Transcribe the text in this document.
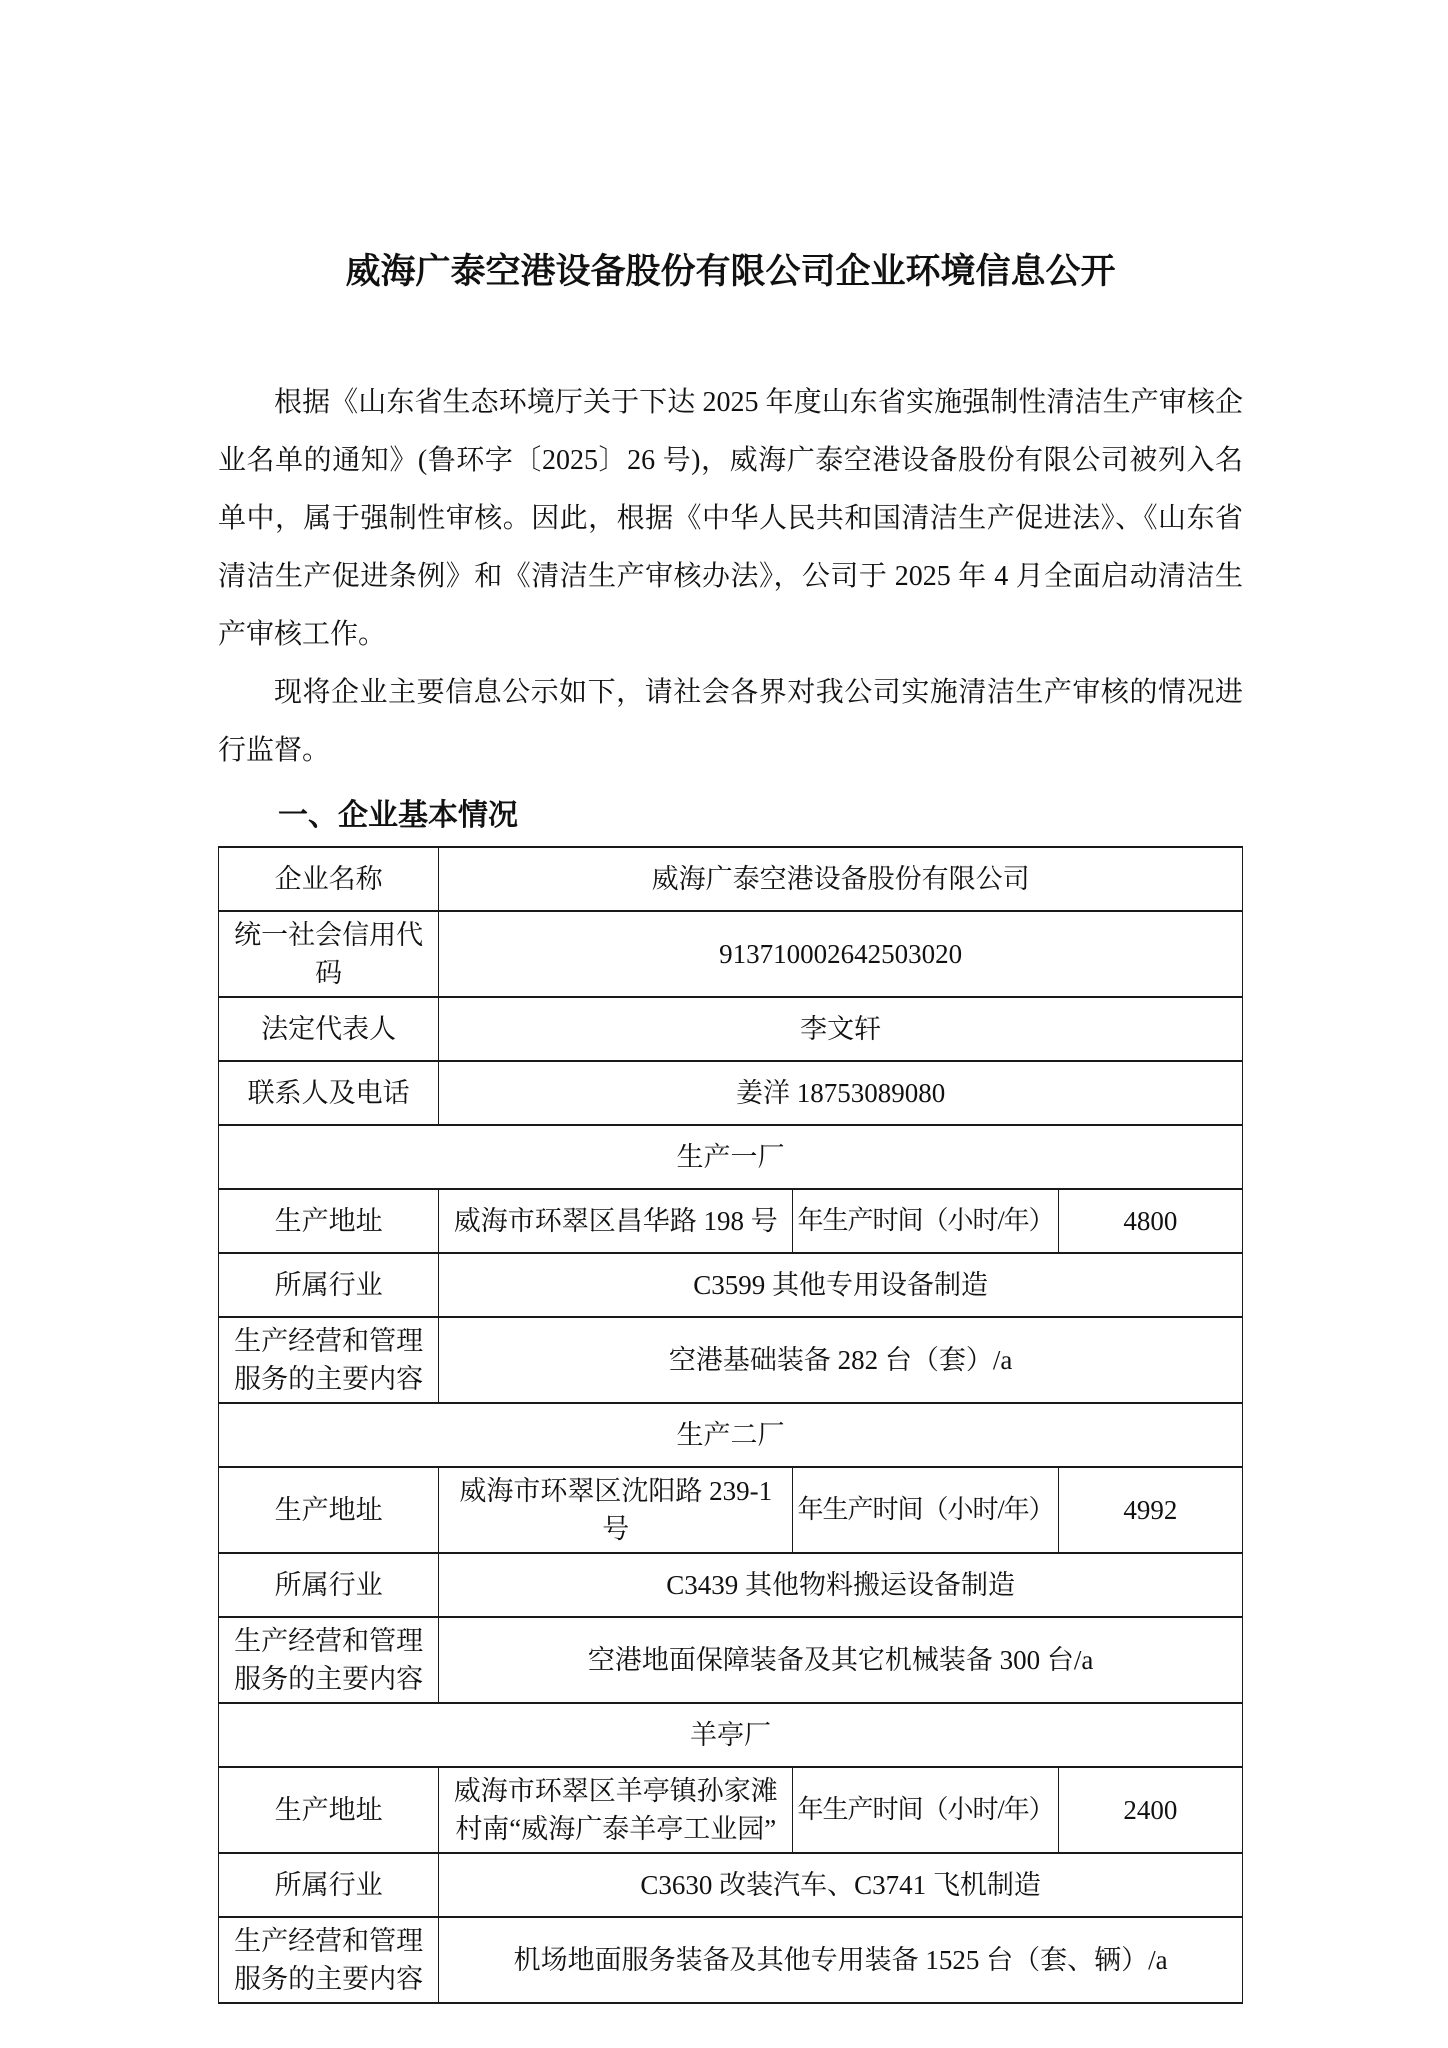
威海广泰空港设备股份有限公司企业环境信息公开

根据《山东省生态环境厅关于下达 2025 年度山东省实施强制性清洁生产审核企业名单的通知》(鲁环字〔2025〕26 号)，威海广泰空港设备股份有限公司被列入名单中，属于强制性审核。因此，根据《中华人民共和国清洁生产促进法》、《山东省清洁生产促进条例》和《清洁生产审核办法》，公司于 2025 年 4 月全面启动清洁生产审核工作。

现将企业主要信息公示如下，请社会各界对我公司实施清洁生产审核的情况进行监督。

一、企业基本情况
企业名称	威海广泰空港设备股份有限公司		
统一社会信用代码	913710002642503020		
法定代表人	李文轩		
联系人及电话	姜洋 18753089080		
生产一厂			
生产地址	威海市环翠区昌华路 198 号	年生产时间（小时/年）	4800
所属行业	C3599 其他专用设备制造		
生产经营和管理服务的主要内容	空港基础装备 282 台（套）/a		
生产二厂			
生产地址	威海市环翠区沈阳路 239-1 号	年生产时间（小时/年）	4992
所属行业	C3439 其他物料搬运设备制造		
生产经营和管理服务的主要内容	空港地面保障装备及其它机械装备 300 台/a		
羊亭厂			
生产地址	威海市环翠区羊亭镇孙家滩村南“威海广泰羊亭工业园”	年生产时间（小时/年）	2400
所属行业	C3630 改装汽车、C3741 飞机制造		
生产经营和管理服务的主要内容	机场地面服务装备及其他专用装备 1525 台（套、辆）/a		
